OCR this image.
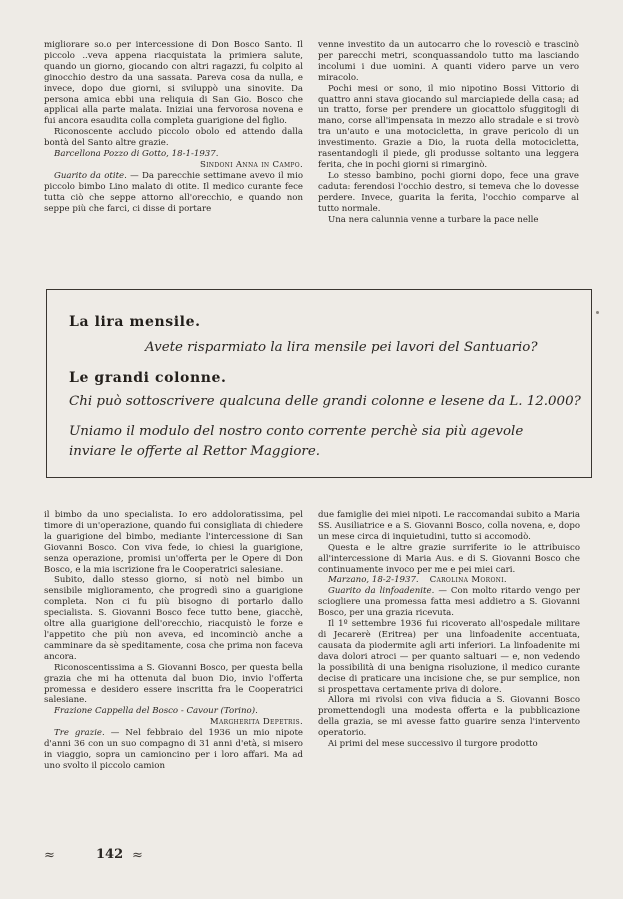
migliorare so.o per intercessione di Don Bosco Santo. Il piccolo ..veva appena riacquistata la primiera salute, quando un giorno, giocando con altri ragazzi, fu colpito al ginocchio destro da una sassata. Pareva cosa da nulla, e invece, dopo due giorni, si sviluppò una sinovite. Da persona amica ebbi una reliquia di San Gio. Bosco che applicai alla parte malata. Iniziai una fervorosa novena e fui ancora esaudita colla completa guarigione del figlio.

Riconoscente accludo piccolo obolo ed attendo dalla bontà del Santo altre grazie.

Barcellona Pozzo di Gotto, 18-1-1937.

Sindoni Anna in Campo.

Guarito da otite. — Da parecchie settimane avevo il mio piccolo bimbo Lino malato di otite. Il medico curante fece tutta ciò che seppe attorno all'orecchio, e quando non seppe più che farci, ci disse di portare

venne investito da un autocarro che lo rovesciò e trascinò per parecchi metri, sconquassandolo tutto ma lasciando incolumi i due uomini. A quanti videro parve un vero miracolo.

Pochi mesi or sono, il mio nipotino Bossi Vittorio di quattro anni stava giocando sul marciapiede della casa; ad un tratto, forse per prendere un giocattolo sfuggitogli di mano, corse all'impensata in mezzo allo stradale e si trovò tra un'auto e una motocicletta, in grave pericolo di un investimento. Grazie a Dio, la ruota della motocicletta, rasentandogli il piede, gli produsse soltanto una leggera ferita, che in pochi giorni si rimarginò.

Lo stesso bambino, pochi giorni dopo, fece una grave caduta: ferendosi l'occhio destro, si temeva che lo dovesse perdere. Invece, guarita la ferita, l'occhio comparve al tutto normale.

Una nera calunnia venne a turbare la pace nelle

La lira mensile.
Avete risparmiato la lira mensile pei lavori del Santuario?
Le grandi colonne.
Chi può sottoscrivere qualcuna delle grandi colonne e lesene da L. 12.000?
Uniamo il modulo del nostro conto corrente perchè sia più agevole
inviare le offerte al Rettor Maggiore.

il bimbo da uno specialista. Io ero addoloratissima, pel timore di un'operazione, quando fui consigliata di chiedere la guarigione del bimbo, mediante l'intercessione di San Giovanni Bosco. Con viva fede, io chiesi la guarigione, senza operazione, promisi un'offerta per le Opere di Don Bosco, e la mia iscrizione fra le Cooperatrici salesiane.

Subito, dallo stesso giorno, si notò nel bimbo un sensibile miglioramento, che progredì sino a guarigione completa. Non ci fu più bisogno di portarlo dallo specialista. S. Giovanni Bosco fece tutto bene, giacchè, oltre alla guarigione dell'orecchio, riacquistò le forze e l'appetito che più non aveva, ed incominciò anche a camminare da sè speditamente, cosa che prima non faceva ancora.

Riconoscentissima a S. Giovanni Bosco, per questa bella grazia che mi ha ottenuta dal buon Dio, invio l'offerta promessa e desidero essere inscritta fra le Cooperatrici salesiane.

Frazione Cappella del Bosco - Cavour (Torino).

Margherita Depetris.

Tre grazie. — Nel febbraio del 1936 un mio nipote d'anni 36 con un suo compagno di 31 anni d'età, si misero in viaggio, sopra un camioncino per i loro affari. Ma ad uno svolto il piccolo camion

due famiglie dei miei nipoti. Le raccomandai subito a Maria SS. Ausiliatrice e a S. Giovanni Bosco, colla novena, e, dopo un mese circa di inquietudini, tutto si accomodò.

Questa e le altre grazie surriferite io le attribuisco all'intercessione di Maria Aus. e di S. Giovanni Bosco che continuamente invoco per me e pei miei cari.

Marzano, 18-2-1937. Carolina Moroni.

Guarito da linfoadenite. — Con molto ritardo vengo per sciogliere una promessa fatta mesi addietro a S. Giovanni Bosco, per una grazia ricevuta.

Il 1º settembre 1936 fui ricoverato all'ospedale militare di Jecarerè (Eritrea) per una linfoadenite accentuata, causata da piodermite agli arti inferiori. La linfoadenite mi dava dolori atroci — per quanto saltuari — e, non vedendo la possibilità di una benigna risoluzione, il medico curante decise di praticare una incisione che, se pur semplice, non si prospettava certamente priva di dolore.

Allora mi rivolsi con viva fiducia a S. Giovanni Bosco promettendogli una modesta offerta e la pubblicazione della grazia, se mi avesse fatto guarire senza l'intervento operatorio.

Ai primi del mese successivo il turgore prodotto

≈	142 ≈
